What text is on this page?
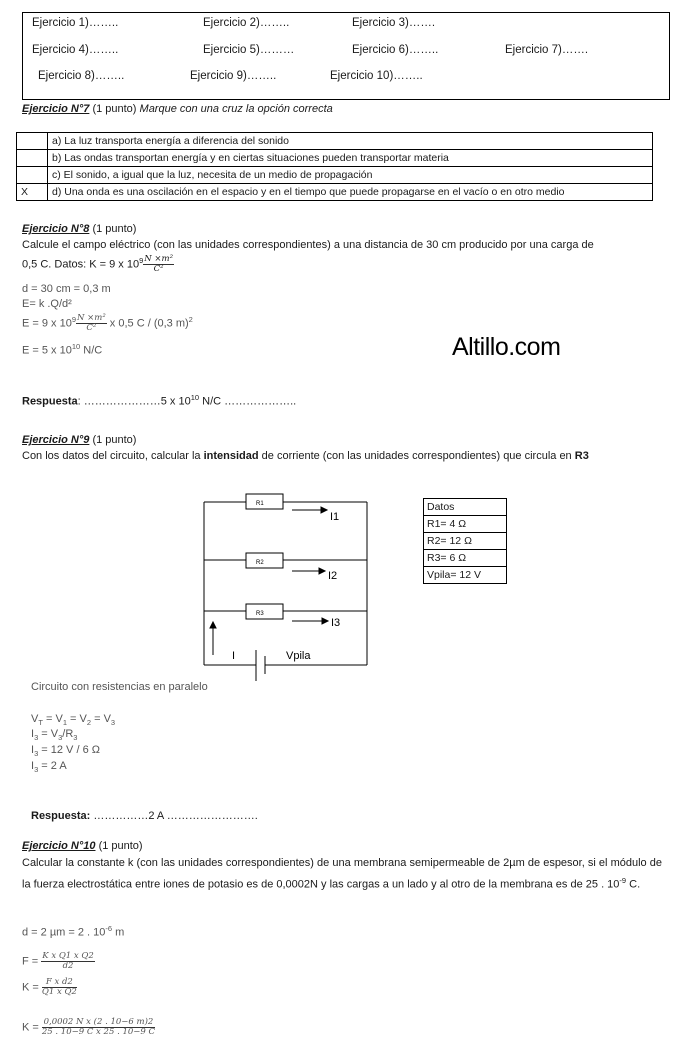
Ejercicio 1)……..	Ejercicio 2)……..	Ejercicio 3)…….
Ejercicio 4)……..	Ejercicio 5)………	Ejercicio 6)……..	Ejercicio 7)…….
Ejercicio 8)……..	Ejercicio 9)……..	Ejercicio 10)……..
Ejercicio N°7 (1 punto) Marque con una cruz la opción correcta
	a) La luz transporta energía a diferencia del sonido
	b) Las ondas transportan energía y en ciertas situaciones pueden transportar materia
	c) El sonido, a igual que la luz, necesita de un medio de propagación
X	d) Una onda es una oscilación en el espacio y en el tiempo que puede propagarse en el vacío o en otro medio
Ejercicio N°8 (1 punto)
Calcule el campo eléctrico (con las unidades correspondientes) a una distancia de 30 cm producido por una carga de
0,5 C. Datos: K = 9 x $10^9 \frac{\text{N ×m²}}{\text{C²}}$
d = 30 cm = 0,3 m
E= k .Q/d²
E = 9 x $10^9 \frac{\text{N ×m²}}{\text{C²}}$ x 0,5 C / (0,3 m)$^2$
E = 5 x $10^{10}$ N/C	Altillo.com
Respuesta: …………………5 x $10^{10}$ N/C ………………..
Ejercicio N°9 (1 punto)
Con los datos del circuito, calcular la intensidad de corriente (con las unidades correspondientes) que circula en R3
R1
R2
R3
I1
I2
I3
I	Vpila
Datos
R1= 4 Ω
R2= 12 Ω
R3= 6 Ω
Vpila= 12 V
Circuito con resistencias en paralelo
$V_T = V_1 = V_2 = V_3$
$I_3 = V_3/R_3$
$I_3 = 12$ V / 6 Ω
$I_3 = 2$ A
Respuesta: ……………2 A …………………….
Ejercicio N°10 (1 punto)
Calcular la constante k (con las unidades correspondientes) de una membrana semipermeable de 2µm de espesor, si el módulo de la fuerza electrostática entre iones de potasio es de 0,0002N y las cargas a un lado y al otro de la membrana es de 25 . $10^{-9}$ C.
d = 2 µm = 2 . $10^{-6}$ m
$F = \frac{\text{K x Q1 x Q2}}{d2}$
$K = \frac{\text{F x d2}}{\text{Q1 x Q2}}$
$K = \frac{\text{0,0002 N x (2 . 10−6 m)2}}{\text{25 . 10−9 C x 25 . 10−9 C}}$
